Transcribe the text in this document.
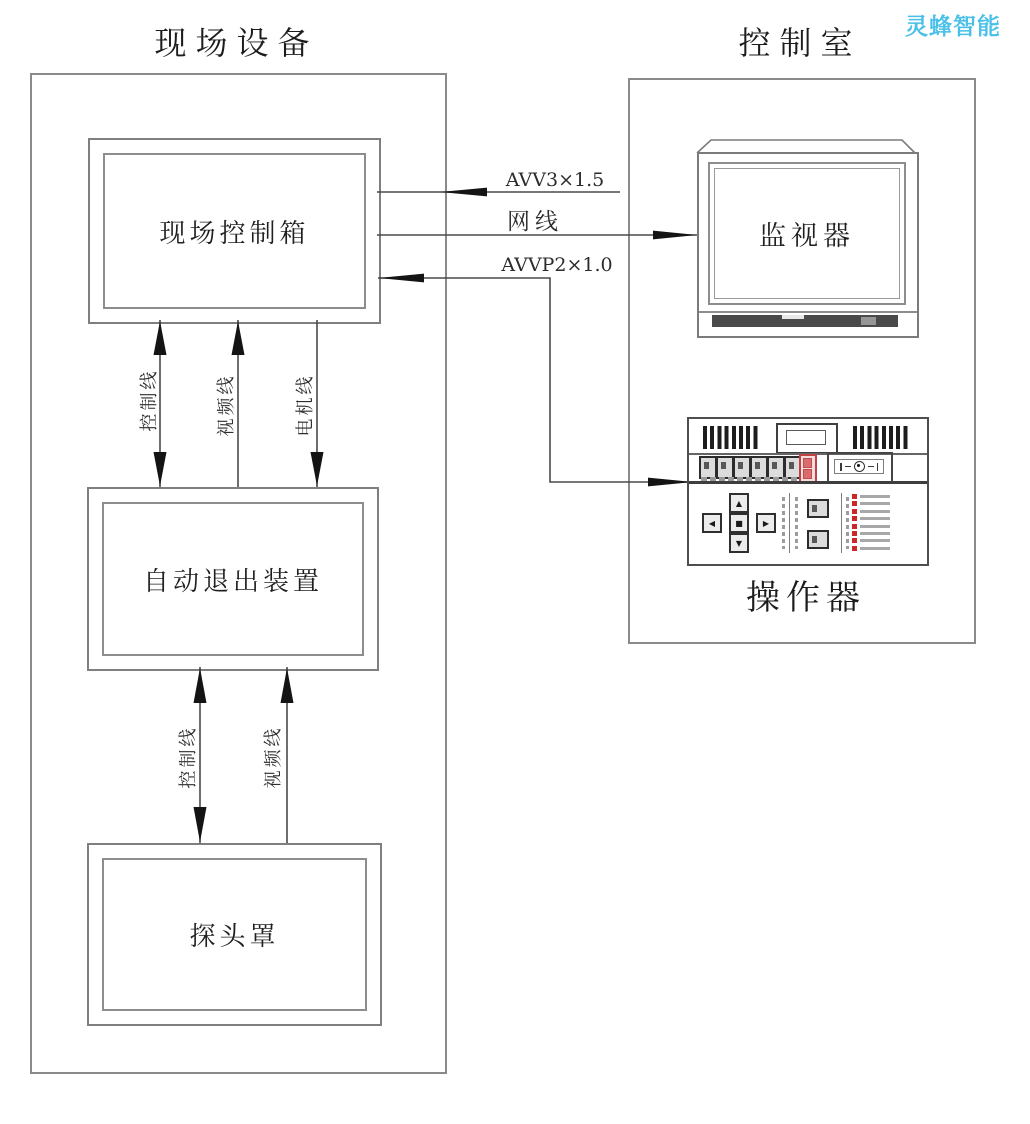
现场设备	控制室	灵蜂智能
现场控制箱
自动退出装置
探头罩
控制线	视频线	电机线
控制线	视频线
AVV3×1.5
网线
AVVP2×1.0
监视器
▲
◀	■	▶
▼
操作器
